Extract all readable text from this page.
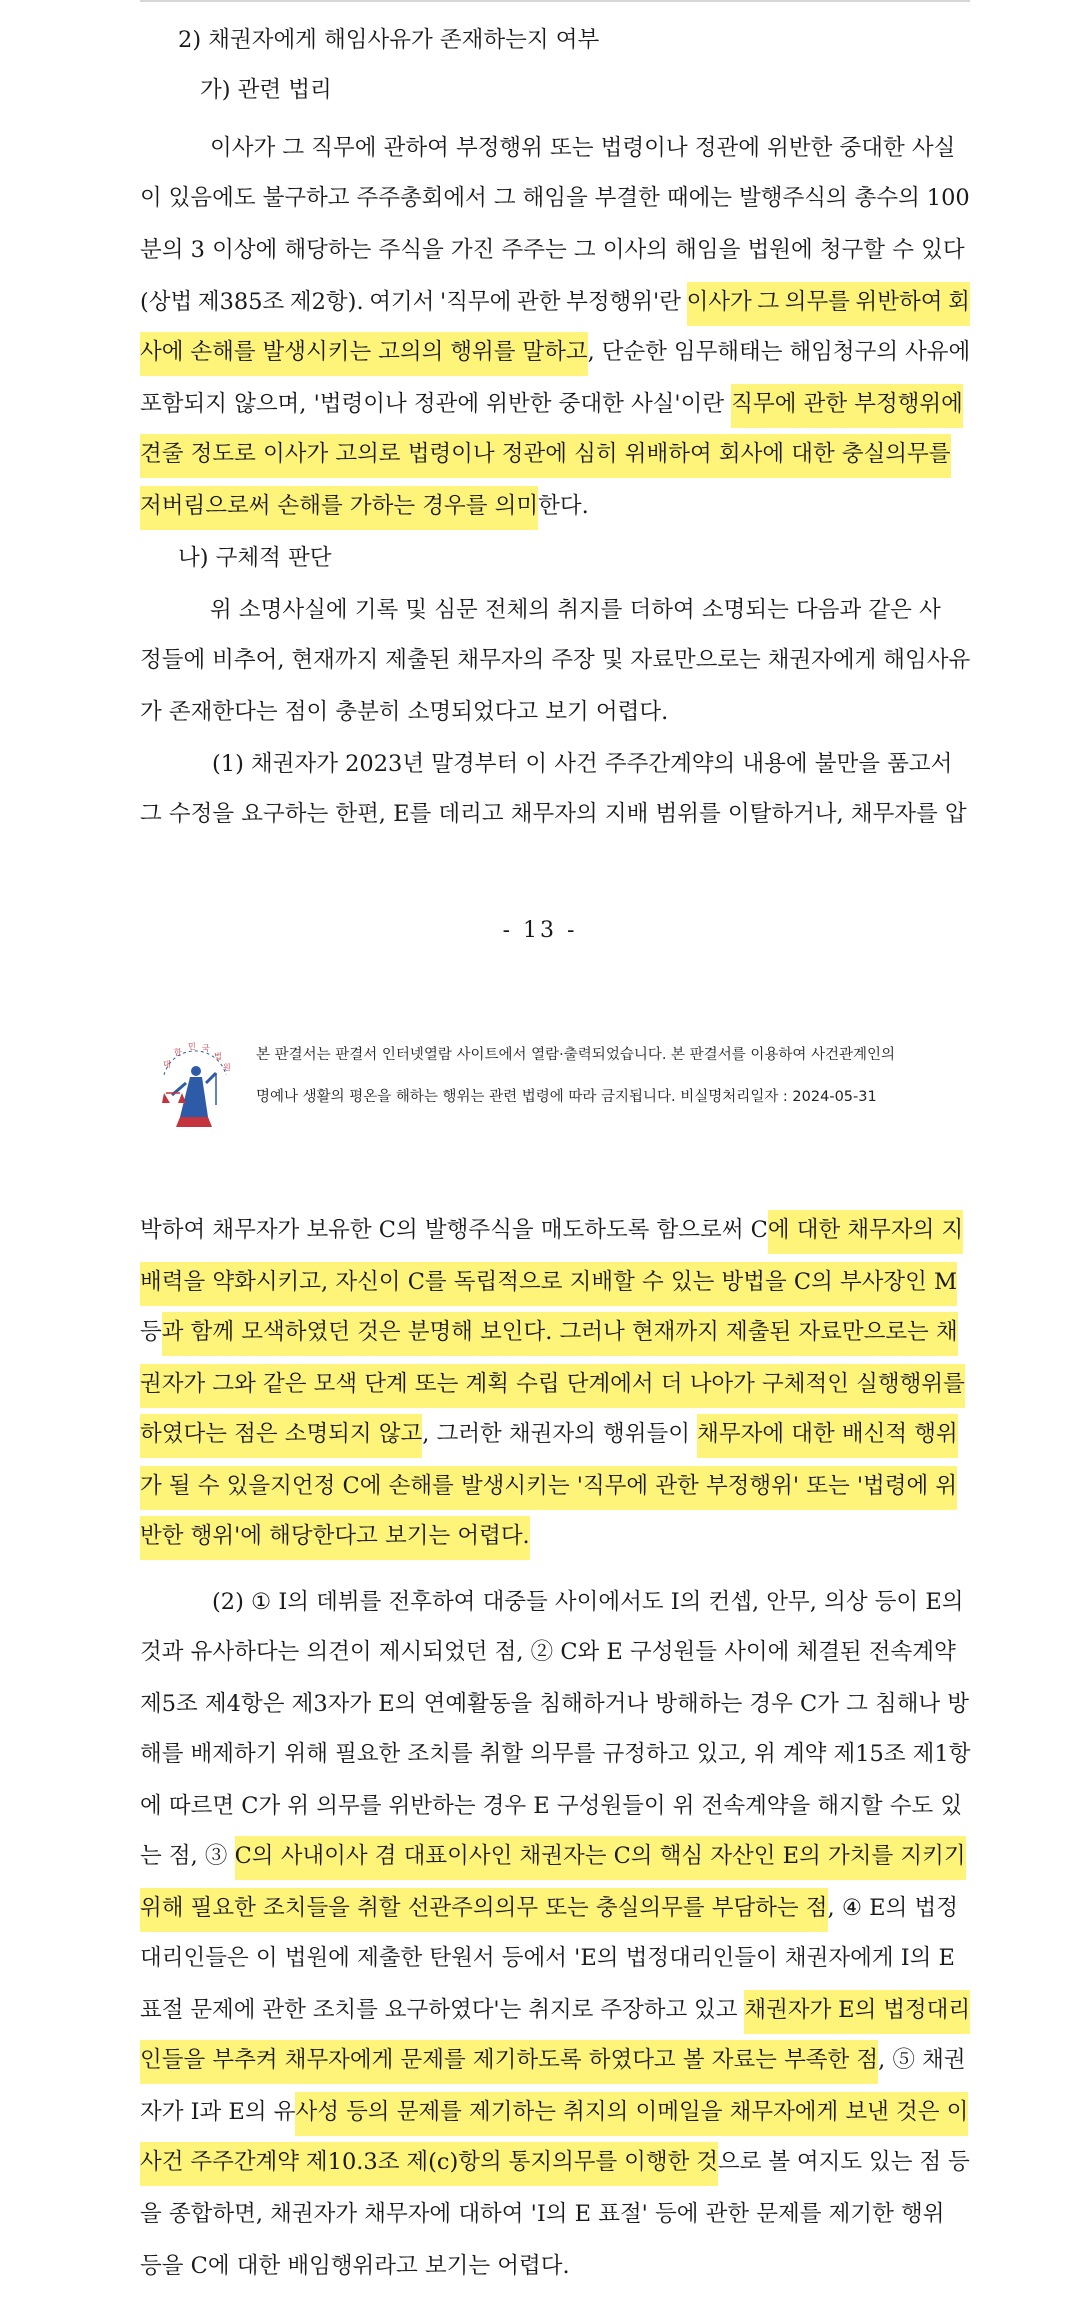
2) 채권자에게 해임사유가 존재하는지 여부
가) 관련 법리
이사가 그 직무에 관하여 부정행위 또는 법령이나 정관에 위반한 중대한 사실
이 있음에도 불구하고 주주총회에서 그 해임을 부결한 때에는 발행주식의 총수의 100
분의 3 이상에 해당하는 주식을 가진 주주는 그 이사의 해임을 법원에 청구할 수 있다
(상법 제385조 제2항). 여기서 '직무에 관한 부정행위'란 이사가 그 의무를 위반하여 회
사에 손해를 발생시키는 고의의 행위를 말하고 , 단순한 임무해태는 해임청구의 사유에
포함되지 않으며, '법령이나 정관에 위반한 중대한 사실'이란 직무에 관한 부정행위에
견줄 정도로 이사가 고의로 법령이나 정관에 심히 위배하여 회사에 대한 충실의무를
저버림으로써 손해를 가하는 경우를 의미 한다.
나) 구체적 판단
위 소명사실에 기록 및 심문 전체의 취지를 더하여 소명되는 다음과 같은 사
정들에 비추어, 현재까지 제출된 채무자의 주장 및 자료만으로는 채권자에게 해임사유
가 존재한다는 점이 충분히 소명되었다고 보기 어렵다.
(1) 채권자가 2023년 말경부터 이 사건 주주간계약의 내용에 불만을 품고서
그 수정을 요구하는 한편, E를 데리고 채무자의 지배 범위를 이탈하거나, 채무자를 압
박하여 채무자가 보유한 C의 발행주식을 매도하도록 함으로써 C 에 대한 채무자의 지
배력을 약화시키고, 자신이 C를 독립적으로 지배할 수 있는 방법을 C의 부사장인 M
등 과 함께 모색하였던 것은 분명해 보인다. 그러나 현재까지 제출된 자료만으로는 채
권자가 그와 같은 모색 단계 또는 계획 수립 단계에서 더 나아가 구체적인 실행행위를
하였다는 점은 소명되지 않고 , 그러한 채권자의 행위들이 채무자에 대한 배신적 행위
가 될 수 있을지언정 C에 손해를 발생시키는 '직무에 관한 부정행위' 또는 '법령에 위
반한 행위'에 해당한다고 보기는 어렵다.
(2) ① I의 데뷔를 전후하여 대중들 사이에서도 I의 컨셉, 안무, 의상 등이 E의
것과 유사하다는 의견이 제시되었던 점, ② C와 E 구성원들 사이에 체결된 전속계약
제5조 제4항은 제3자가 E의 연예활동을 침해하거나 방해하는 경우 C가 그 침해나 방
해를 배제하기 위해 필요한 조치를 취할 의무를 규정하고 있고, 위 계약 제15조 제1항
에 따르면 C가 위 의무를 위반하는 경우 E 구성원들이 위 전속계약을 해지할 수도 있
는 점, ③ C의 사내이사 겸 대표이사인 채권자는 C의 핵심 자산인 E의 가치를 지키기
위해 필요한 조치들을 취할 선관주의의무 또는 충실의무를 부담하는 점 , ④ E의 법정
대리인들은 이 법원에 제출한 탄원서 등에서 'E의 법정대리인들이 채권자에게 I의 E
표절 문제에 관한 조치를 요구하였다'는 취지로 주장하고 있고 채권자가 E의 법정대리
인들을 부추켜 채무자에게 문제를 제기하도록 하였다고 볼 자료는 부족한 점 , ⑤ 채권
자가 I과 E의 유 사성 등의 문제를 제기하는 취지의 이메일을 채무자에게 보낸 것은 이
사건 주주간계약 제10.3조 제(c)항의 통지의무를 이행한 것 으로 볼 여지도 있는 점 등
을 종합하면, 채권자가 채무자에 대하여 'I의 E 표절' 등에 관한 문제를 제기한 행위
등을 C에 대한 배임행위라고 보기는 어렵다.
- 13 -
대
한
민 국
법
원
본 판결서는 판결서 인터넷열람 사이트에서 열람·출력되었습니다. 본 판결서를 이용하여 사건관계인의
명예나 생활의 평온을 해하는 행위는 관련 법령에 따라 금지됩니다. 비실명처리일자 : 2024-05-31
